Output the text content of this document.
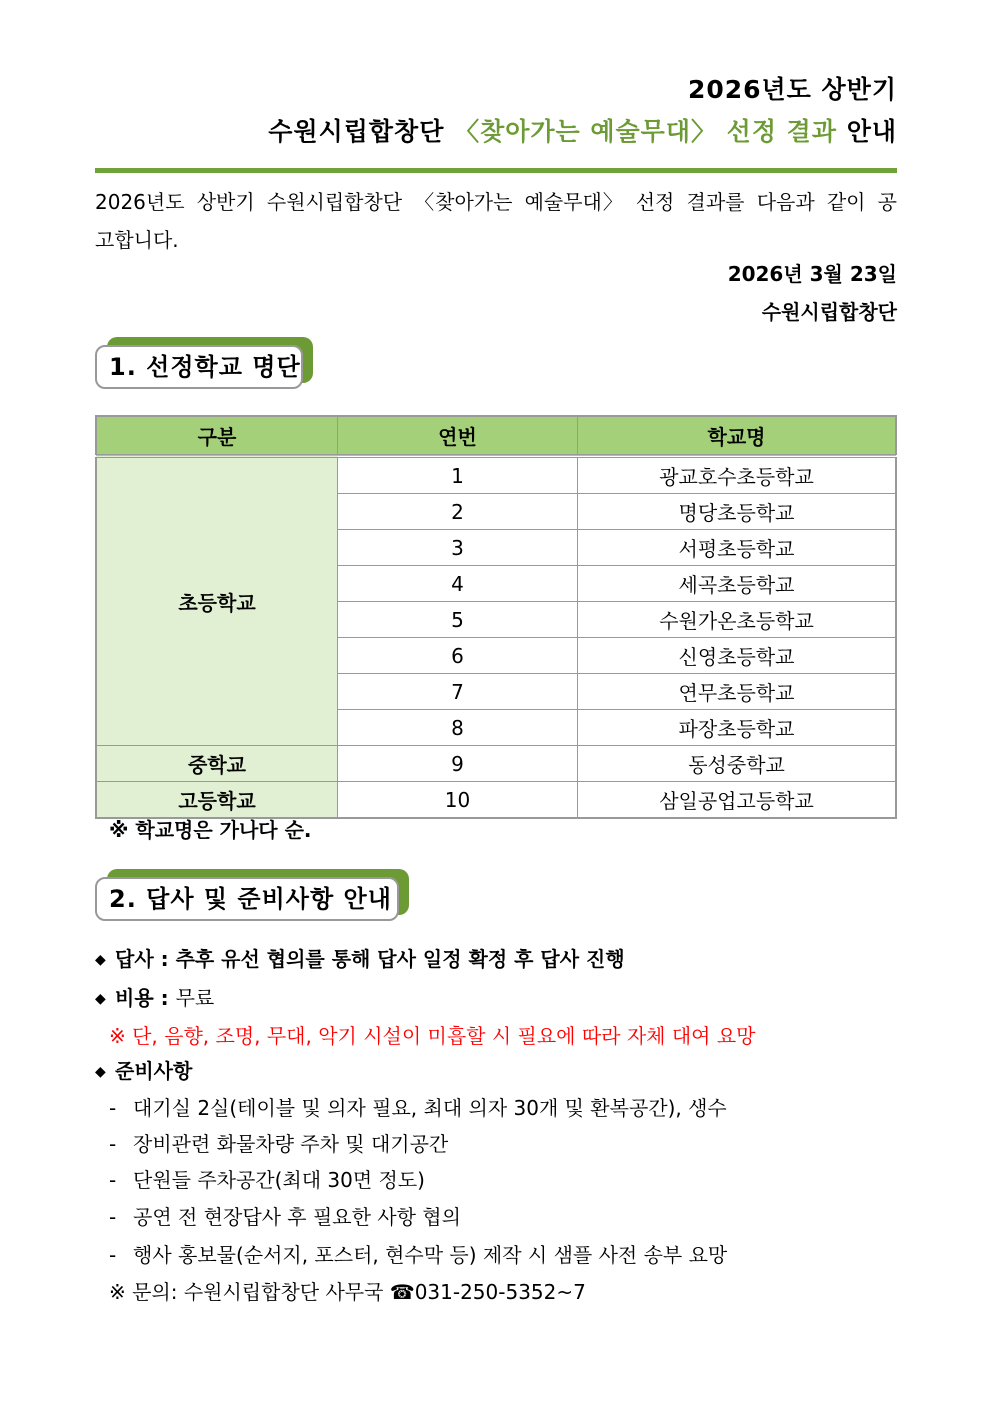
2026년도 상반기
수원시립합창단 〈찾아가는 예술무대〉 선정 결과 안내
2026년도 상반기 수원시립합창단 〈찾아가는 예술무대〉 선정 결과를 다음과 같이 공고합니다.
2026년 3월 23일
수원시립합창단
1. 선정학교 명단
구분	연번	학교명
초등학교	1	광교호수초등학교
	2	명당초등학교
	3	서평초등학교
	4	세곡초등학교
	5	수원가온초등학교
	6	신영초등학교
	7	연무초등학교
	8	파장초등학교
중학교	9	동성중학교
고등학교	10	삼일공업고등학교
※ 학교명은 가나다 순.
2. 답사 및 준비사항 안내
◆ 답사 : 추후 유선 협의를 통해 답사 일정 확정 후 답사 진행
◆ 비용 : 무료
※ 단, 음향, 조명, 무대, 악기 시설이 미흡할 시 필요에 따라 자체 대여 요망
◆ 준비사항
- 대기실 2실(테이블 및 의자 필요, 최대 의자 30개 및 환복공간), 생수
- 장비관련 화물차량 주차 및 대기공간
- 단원들 주차공간(최대 30면 정도)
- 공연 전 현장답사 후 필요한 사항 협의
- 행사 홍보물(순서지, 포스터, 현수막 등) 제작 시 샘플 사전 송부 요망
※ 문의: 수원시립합창단 사무국 ☎031-250-5352~7
